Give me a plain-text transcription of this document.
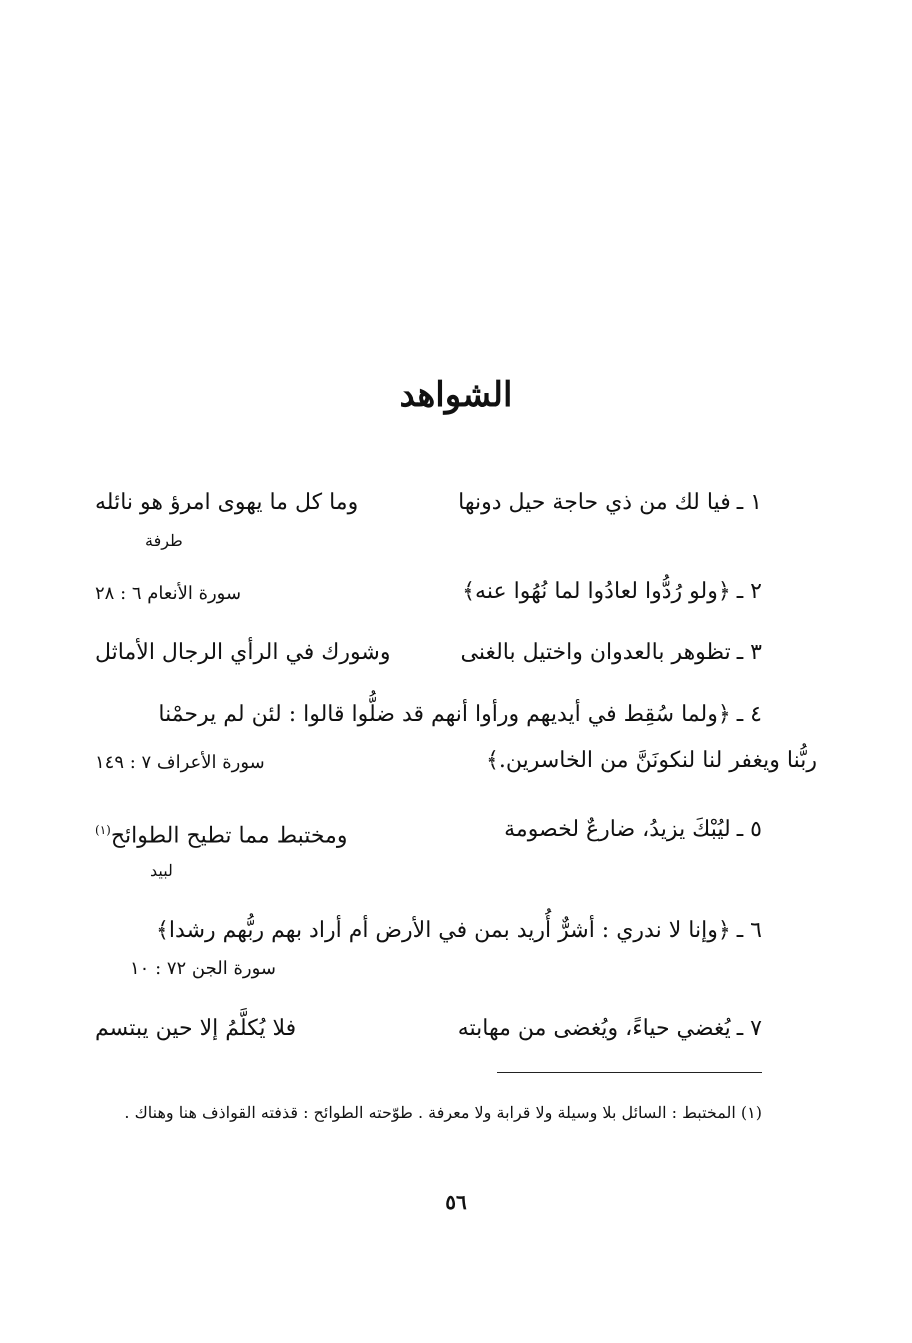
الشواهد
١ ـفيا لك من ذي حاجة حيل دونها
وما كل ما يهوى امرؤ هو نائله
طرفة
٢ ـ﴿ولو رُدُّوا لعادُوا لما نُهُوا عنه﴾
سورة الأنعام ٦ : ٢٨
٣ ـتظوهر بالعدوان واختيل بالغنى
وشورك في الرأي الرجال الأماثل
٤ ـ﴿ولما سُقِط في أيديهم ورأوا أنهم قد ضلُّوا قالوا : لئن لم يرحمْنا
ربُّنا ويغفر لنا لنكونَنَّ من الخاسرين.﴾
سورة الأعراف ٧ : ١٤٩
٥ ـليُبْكَ يزيدُ، ضارعٌ لخصومة
ومختبط مما تطيح الطوائح$^{(١)}$
لبيد
٦ ـ﴿وإنا لا ندري : أشرٌّ أُريد بمن في الأرض أم أراد بهم ربُّهم رشدا﴾
سورة الجن ٧٢ : ١٠
٧ ـيُغضي حياءً، ويُغضى من مهابته
فلا يُكلَّمُ إلا حين يبتسم
(١) المختبط : السائل بلا وسيلة ولا قرابة ولا معرفة . طوّحته الطوائح : قذفته القواذف هنا وهناك .
٥٦
